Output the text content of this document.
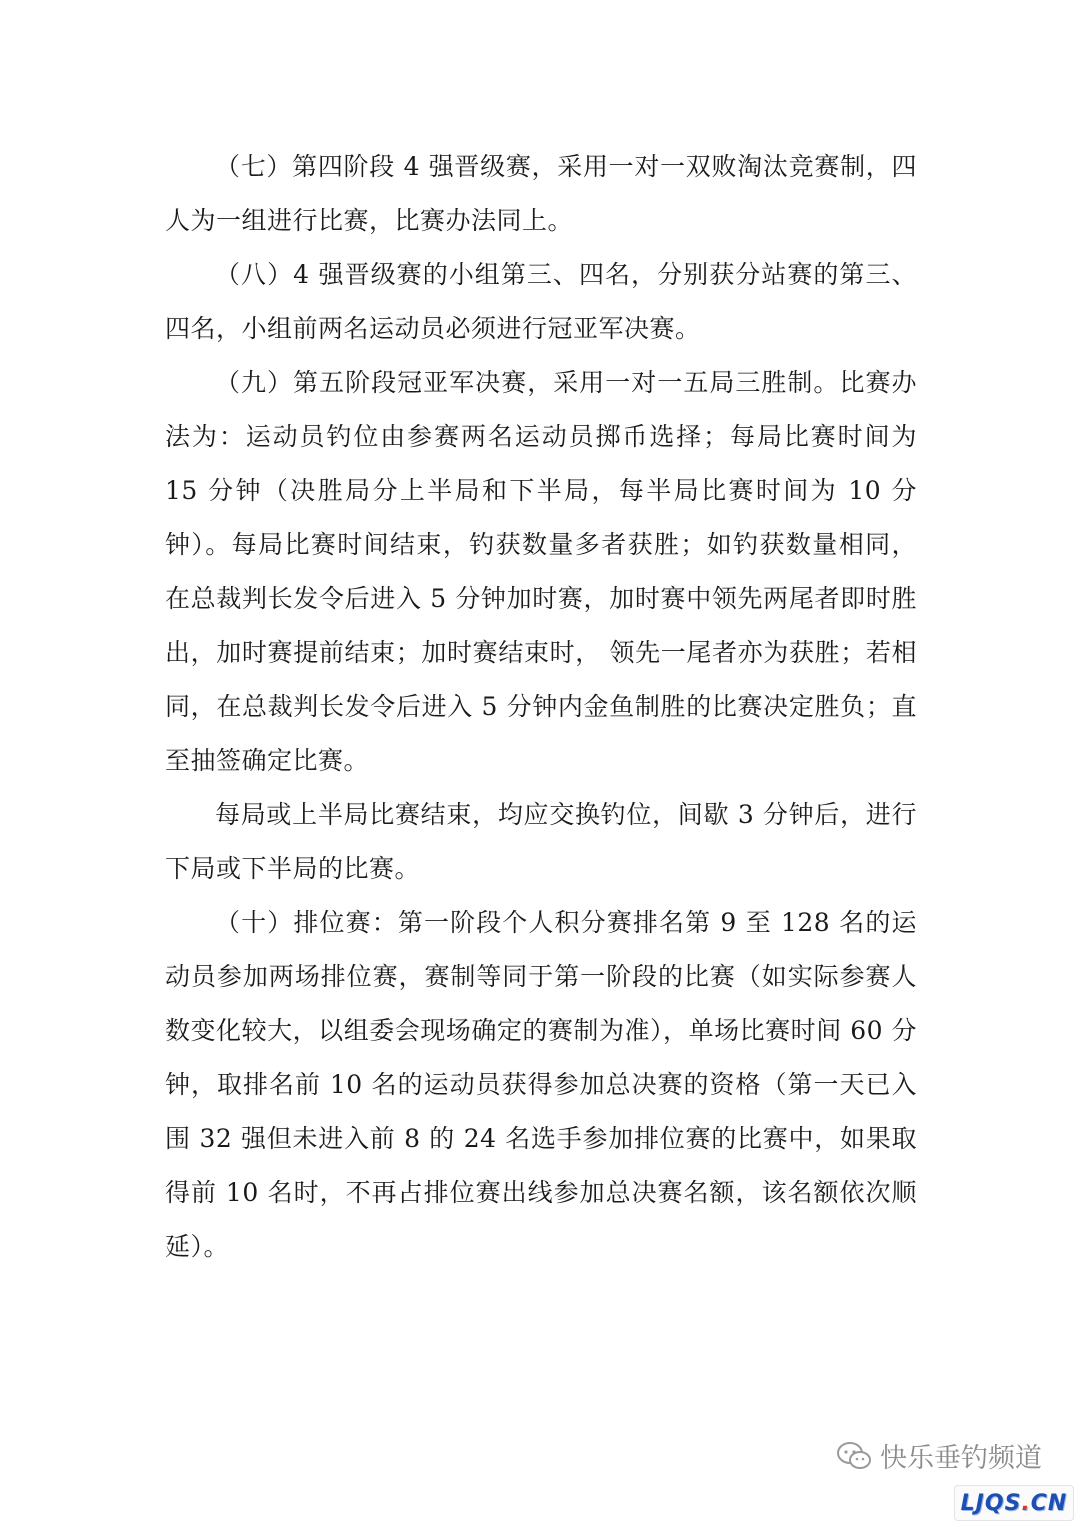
（七）第四阶段 4 强晋级赛，采用一对一双败淘汰竞赛制，四人为一组进行比赛，比赛办法同上。

（八）4 强晋级赛的小组第三、四名，分别获分站赛的第三、四名，小组前两名运动员必须进行冠亚军决赛。

（九）第五阶段冠亚军决赛，采用一对一五局三胜制。比赛办法为：运动员钓位由参赛两名运动员掷币选择；每局比赛时间为 15 分钟（决胜局分上半局和下半局，每半局比赛时间为 10 分钟）。每局比赛时间结束，钓获数量多者获胜；如钓获数量相同，在总裁判长发令后进入 5 分钟加时赛，加时赛中领先两尾者即时胜出，加时赛提前结束；加时赛结束时， 领先一尾者亦为获胜；若相同，在总裁判长发令后进入 5 分钟内金鱼制胜的比赛决定胜负；直至抽签确定比赛。

每局或上半局比赛结束，均应交换钓位，间歇 3 分钟后，进行下局或下半局的比赛。

（十）排位赛：第一阶段个人积分赛排名第 9 至 128 名的运动员参加两场排位赛，赛制等同于第一阶段的比赛（如实际参赛人数变化较大，以组委会现场确定的赛制为准），单场比赛时间 60 分钟，取排名前 10 名的运动员获得参加总决赛的资格（第一天已入围 32 强但未进入前 8 的 24 名选手参加排位赛的比赛中，如果取得前 10 名时，不再占排位赛出线参加总决赛名额，该名额依次顺延）。

快乐垂钓频道
LJQS . CN
